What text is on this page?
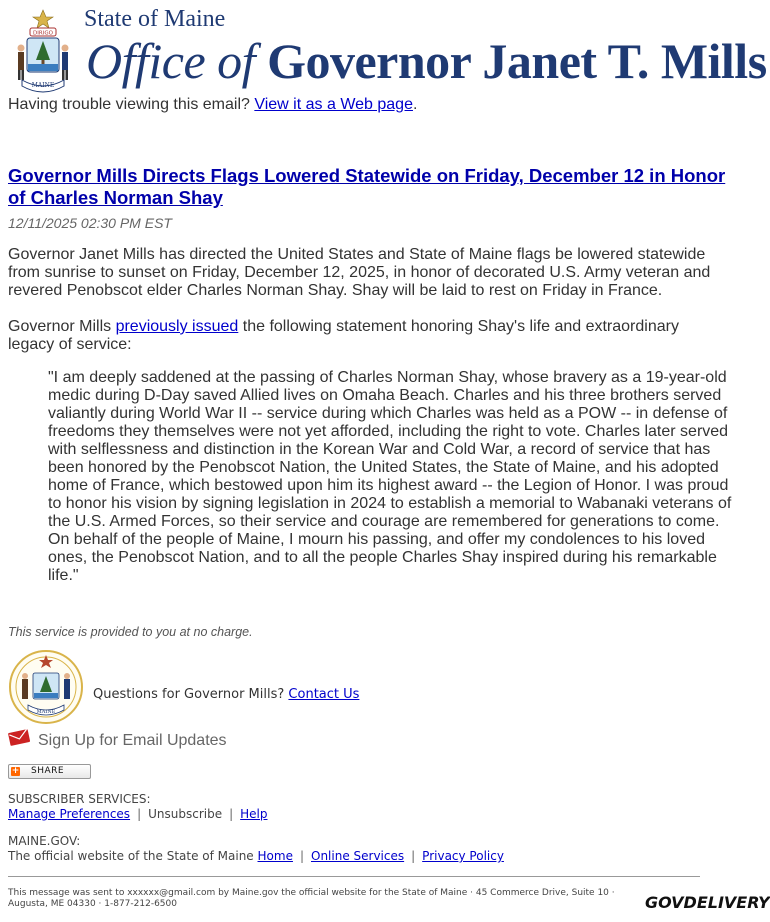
DIRIGO
MAINE
State of Maine
Office of Governor Janet T. Mills
Having trouble viewing this email? View it as a Web page.
Governor Mills Directs Flags Lowered Statewide on Friday, December 12 in Honor of Charles Norman Shay
12/11/2025 02:30 PM EST
Governor Janet Mills has directed the United States and State of Maine flags be lowered statewide from sunrise to sunset on Friday, December 12, 2025, in honor of decorated U.S. Army veteran and revered Penobscot elder Charles Norman Shay. Shay will be laid to rest on Friday in France.
Governor Mills previously issued the following statement honoring Shay's life and extraordinary legacy of service:
"I am deeply saddened at the passing of Charles Norman Shay, whose bravery as a 19-year-old medic during D-Day saved Allied lives on Omaha Beach. Charles and his three brothers served valiantly during World War II -- service during which Charles was held as a POW -- in defense of freedoms they themselves were not yet afforded, including the right to vote. Charles later served with selflessness and distinction in the Korean War and Cold War, a record of service that has been honored by the Penobscot Nation, the United States, the State of Maine, and his adopted home of France, which bestowed upon him its highest award -- the Legion of Honor. I was proud to honor his vision by signing legislation in 2024 to establish a memorial to Wabanaki veterans of the U.S. Armed Forces, so their service and courage are remembered for generations to come. On behalf of the people of Maine, I mourn his passing, and offer my condolences to his loved ones, the Penobscot Nation, and to all the people Charles Shay inspired during his remarkable life."
This service is provided to you at no charge.
MAINE
Questions for Governor Mills? Contact Us
Sign Up for Email Updates
+ SHARE
SUBSCRIBER SERVICES:
Manage Preferences | Unsubscribe | Help
MAINE.GOV:
The official website of the State of Maine Home | Online Services | Privacy Policy
This message was sent to xxxxxx@gmail.com by Maine.gov the official website for the State of Maine · 45 Commerce Drive, Suite 10 · Augusta, ME 04330 · 1-877-212-6500	GOVDELIVERY
